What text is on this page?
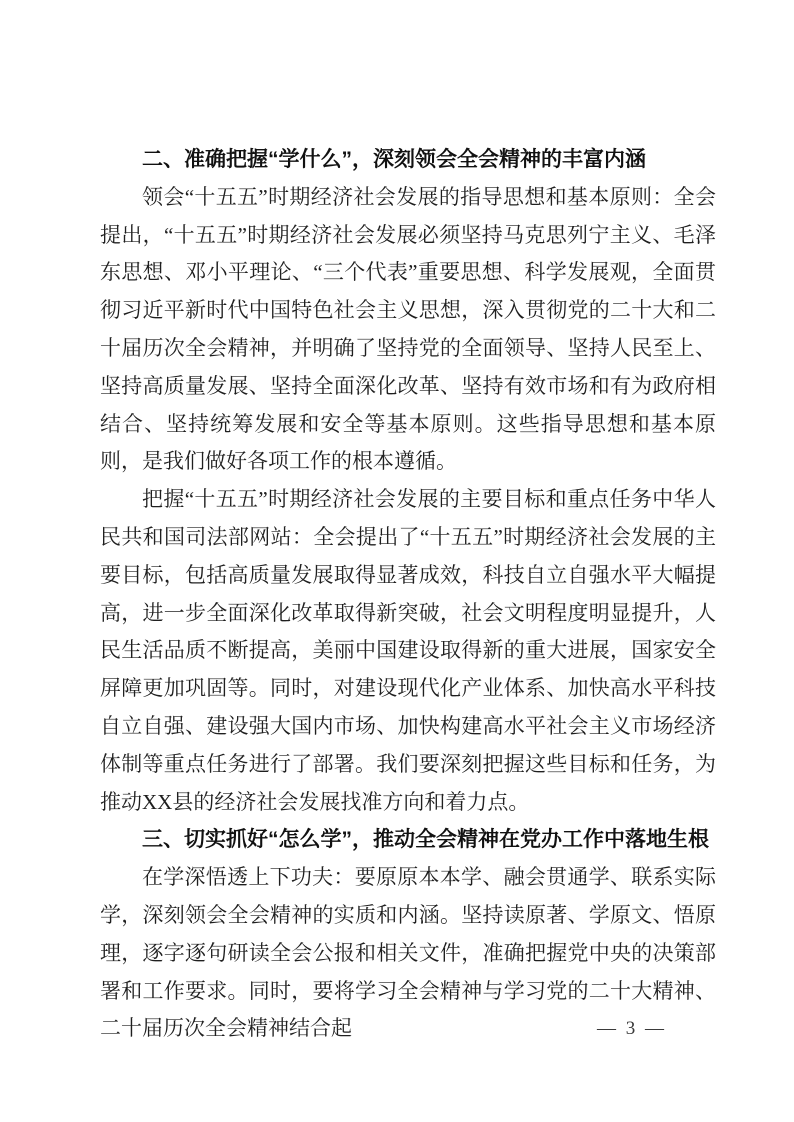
二、准确把握“学什么”，深刻领会全会精神的丰富内涵

领会“十五五”时期经济社会发展的指导思想和基本原则：全会提出，“十五五”时期经济社会发展必须坚持马克思列宁主义、毛泽东思想、邓小平理论、“三个代表”重要思想、科学发展观，全面贯彻习近平新时代中国特色社会主义思想，深入贯彻党的二十大和二十届历次全会精神，并明确了坚持党的全面领导、坚持人民至上、坚持高质量发展、坚持全面深化改革、坚持有效市场和有为政府相结合、坚持统筹发展和安全等基本原则。这些指导思想和基本原则，是我们做好各项工作的根本遵循。

把握“十五五”时期经济社会发展的主要目标和重点任务中华人民共和国司法部网站：全会提出了“十五五”时期经济社会发展的主要目标，包括高质量发展取得显著成效，科技自立自强水平大幅提高，进一步全面深化改革取得新突破，社会文明程度明显提升，人民生活品质不断提高，美丽中国建设取得新的重大进展，国家安全屏障更加巩固等。同时，对建设现代化产业体系、加快高水平科技自立自强、建设强大国内市场、加快构建高水平社会主义市场经济体制等重点任务进行了部署。我们要深刻把握这些目标和任务，为推动XX县的经济社会发展找准方向和着力点。

三、切实抓好“怎么学”，推动全会精神在党办工作中落地生根

在学深悟透上下功夫：要原原本本学、融会贯通学、联系实际学，深刻领会全会精神的实质和内涵。坚持读原著、学原文、悟原理，逐字逐句研读全会公报和相关文件，准确把握党中央的决策部署和工作要求。同时，要将学习全会精神与学习党的二十大精神、二十届历次全会精神结合起	— 3 —
